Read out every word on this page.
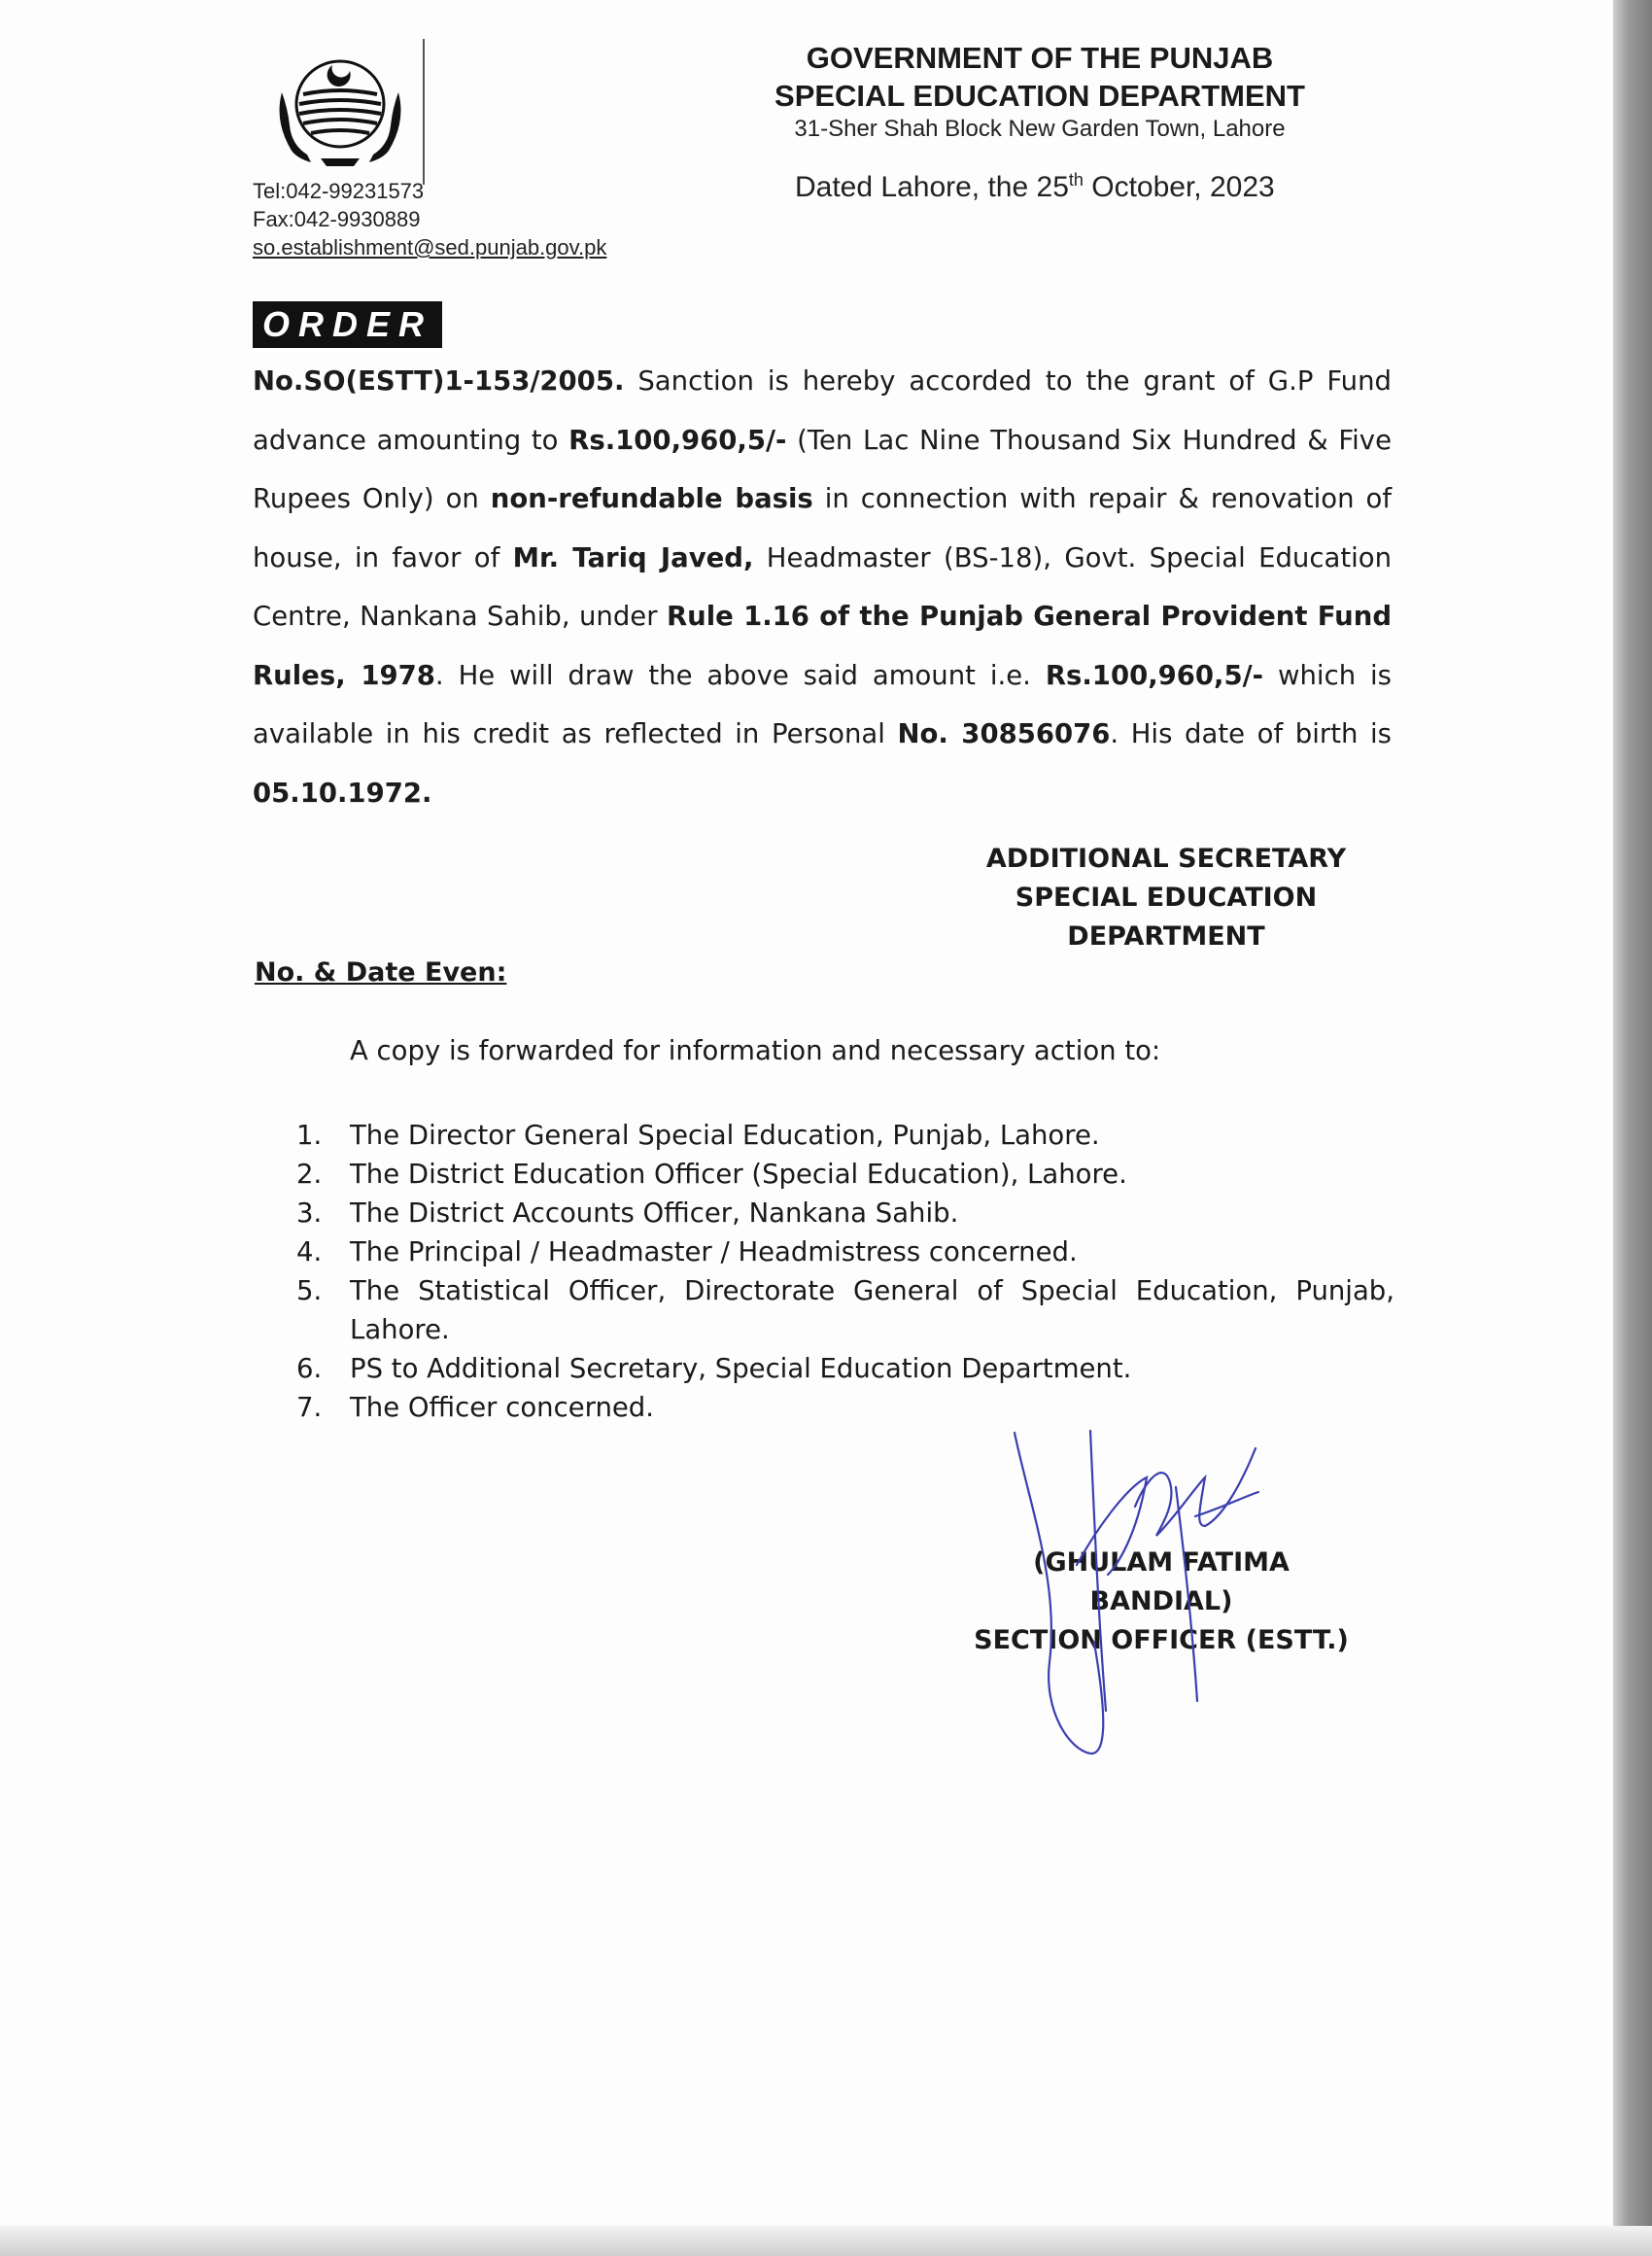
Tel:042-99231573
Fax:042-9930889
so.establishment@sed.punjab.gov.pk
GOVERNMENT OF THE PUNJAB
SPECIAL EDUCATION DEPARTMENT
31-Sher Shah Block New Garden Town, Lahore
Dated Lahore, the 25th October, 2023
ORDER
No.SO(ESTT)1-153/2005. Sanction is hereby accorded to the grant of G.P Fund advance amounting to Rs.100,960,5/- (Ten Lac Nine Thousand Six Hundred & Five Rupees Only) on non-refundable basis in connection with repair & renovation of house, in favor of Mr. Tariq Javed, Headmaster (BS-18), Govt. Special Education Centre, Nankana Sahib, under Rule 1.16 of the Punjab General Provident Fund Rules, 1978. He will draw the above said amount i.e. Rs.100,960,5/- which is available in his credit as reflected in Personal No. 30856076. His date of birth is 05.10.1972.
ADDITIONAL SECRETARY
SPECIAL EDUCATION
DEPARTMENT
No. & Date Even:
A copy is forwarded for information and necessary action to:
1.	The Director General Special Education, Punjab, Lahore.
2.	The District Education Officer (Special Education), Lahore.
3.	The District Accounts Officer, Nankana Sahib.
4.	The Principal / Headmaster / Headmistress concerned.
5.	The Statistical Officer, Directorate General of Special Education, Punjab, Lahore.
6.	PS to Additional Secretary, Special Education Department.
7.	The Officer concerned.
(GHULAM FATIMA BANDIAL)
SECTION OFFICER (ESTT.)
